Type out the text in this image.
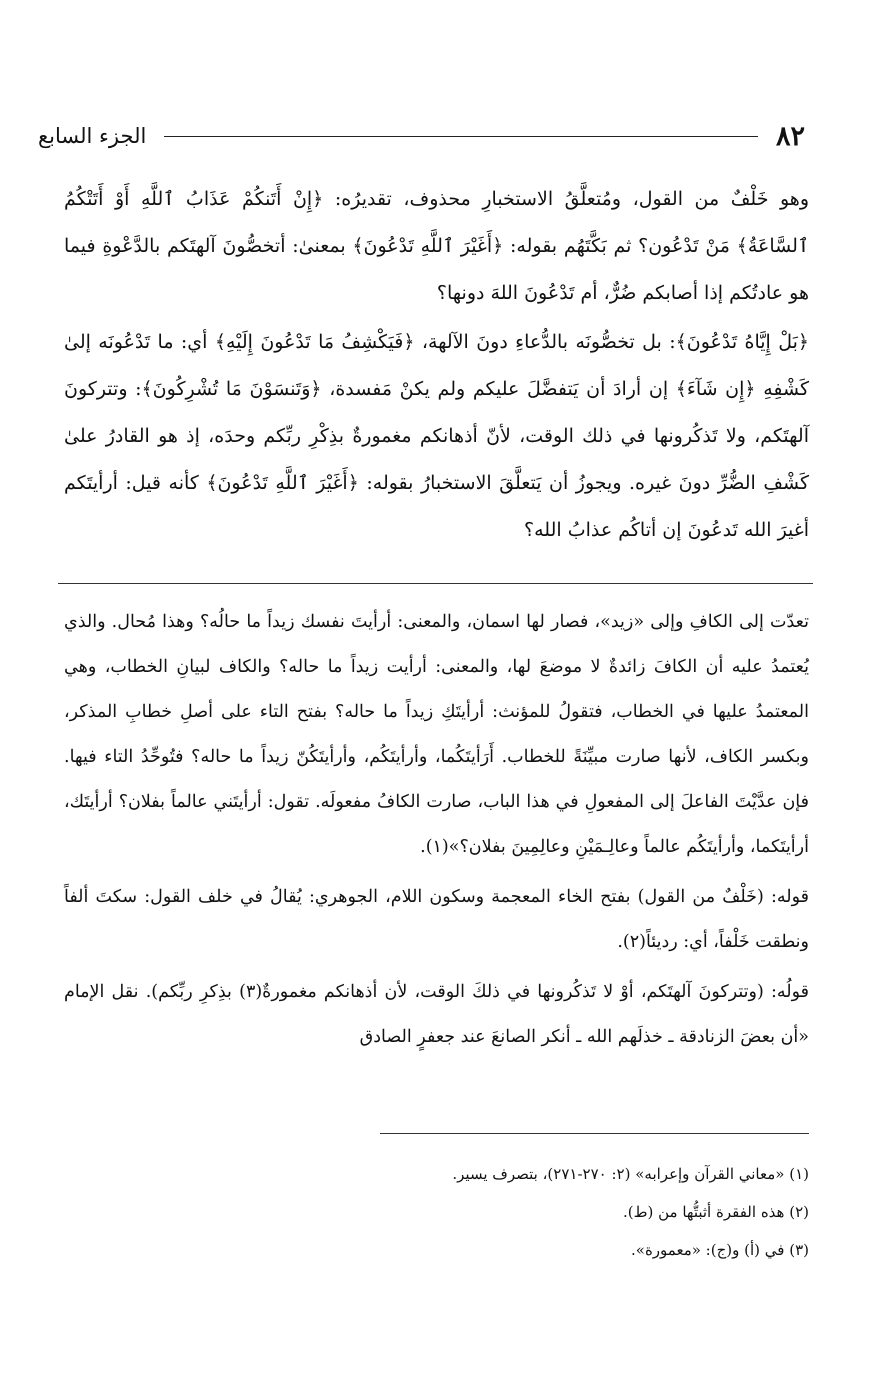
٨٢
الجزء السابع

وهو خَلْفٌ من القول، ومُتعلَّقُ الاستخبارِ محذوف، تقديرُه: ﴿إِنْ أَتَنكُمْ عَذَابُ ٱللَّهِ أَوْ أَتَتْكُمُ ٱلسَّاعَةُ﴾ مَنْ تَدْعُون؟ ثم بَكَّتَهُم بقوله: ﴿أَغَيْرَ ٱللَّهِ تَدْعُونَ﴾ بمعنىٰ: أتخصُّونَ آلهتَكم بالدَّعْوةِ فيما هو عادتُكم إذا أصابكم ضُرٌّ، أم تَدْعُونَ اللهَ دونها؟

﴿بَلْ إِيَّاهُ تَدْعُونَ﴾: بل تخصُّونَه بالدُّعاءِ دونَ الآلهة، ﴿فَيَكْشِفُ مَا تَدْعُونَ إِلَيْهِ﴾ أي: ما تَدْعُونَه إلىٰ كَشْفِهِ ﴿إِن شَآءَ﴾ إن أرادَ أن يَتفضَّلَ عليكم ولم يكنْ مَفسدة، ﴿وَتَنسَوْنَ مَا تُشْرِكُونَ﴾: وتتركونَ آلهتَكم، ولا تَذكُرونها في ذلك الوقت، لأنّ أذهانكم مغمورةٌ بذِكْرِ ربِّكم وحدَه، إذ هو القادرُ علىٰ كَشْفِ الضُّرِّ دونَ غيره. ويجوزُ أن يَتعلَّقَ الاستخبارُ بقوله: ﴿أَغَيْرَ ٱللَّهِ تَدْعُونَ﴾ كأنه قيل: أرأيتَكم أغيرَ الله تَدعُونَ إن أتاكُم عذابُ الله؟

تعدّت إلى الكافِ وإلى «زيد»، فصار لها اسمان، والمعنى: أرأيتَ نفسك زيداً ما حالُه؟ وهذا مُحال. والذي يُعتمدُ عليه أن الكافَ زائدةٌ لا موضعَ لها، والمعنى: أرأيت زيداً ما حاله؟ والكاف لبيانِ الخطاب، وهي المعتمدُ عليها في الخطاب، فتقولُ للمؤنث: أرأيتَكِ زيداً ما حاله؟ بفتح التاء على أصلِ خطابِ المذكر، وبكسر الكاف، لأنها صارت مبيِّنَةً للخطاب. أَرَأيتَكُما، وأرأيتَكُم، وأرأيتَكُنّ زيداً ما حاله؟ فتُوحِّدُ التاء فيها. فإن عدَّيْتَ الفاعلَ إلى المفعولِ في هذا الباب، صارت الكافُ مفعولَه. تقول: أرأيتَني عالماً بفلان؟ أرأيتَك، أرأيتَكما، وأرأيتَكُم عالماً وعالِـمَيْنِ وعالِمِينَ بفلان؟»(١).

قوله: (خَلْفٌ من القول) بفتح الخاء المعجمة وسكون اللام، الجوهري: يُقالُ في خلف القول: سكتَ ألفاً ونطقت خَلْفاً، أي: رديئاً(٢).

قولُه: (وتتركونَ آلهتَكم، أوْ لا تَذكُرونها في ذلكَ الوقت، لأن أذهانكم مغمورةٌ(٣) بذِكرِ ربِّكم). نقل الإمام «أن بعضَ الزنادقة ـ خذلَهم الله ـ أنكر الصانعَ عند جعفرٍ الصادق

(١) «معاني القرآن وإعرابه» (٢: ٢٧٠-٢٧١)، بتصرف يسير.
(٢) هذه الفقرة أثبتُّها من (ط).
(٣) في (أ) و(ج): «معمورة».
